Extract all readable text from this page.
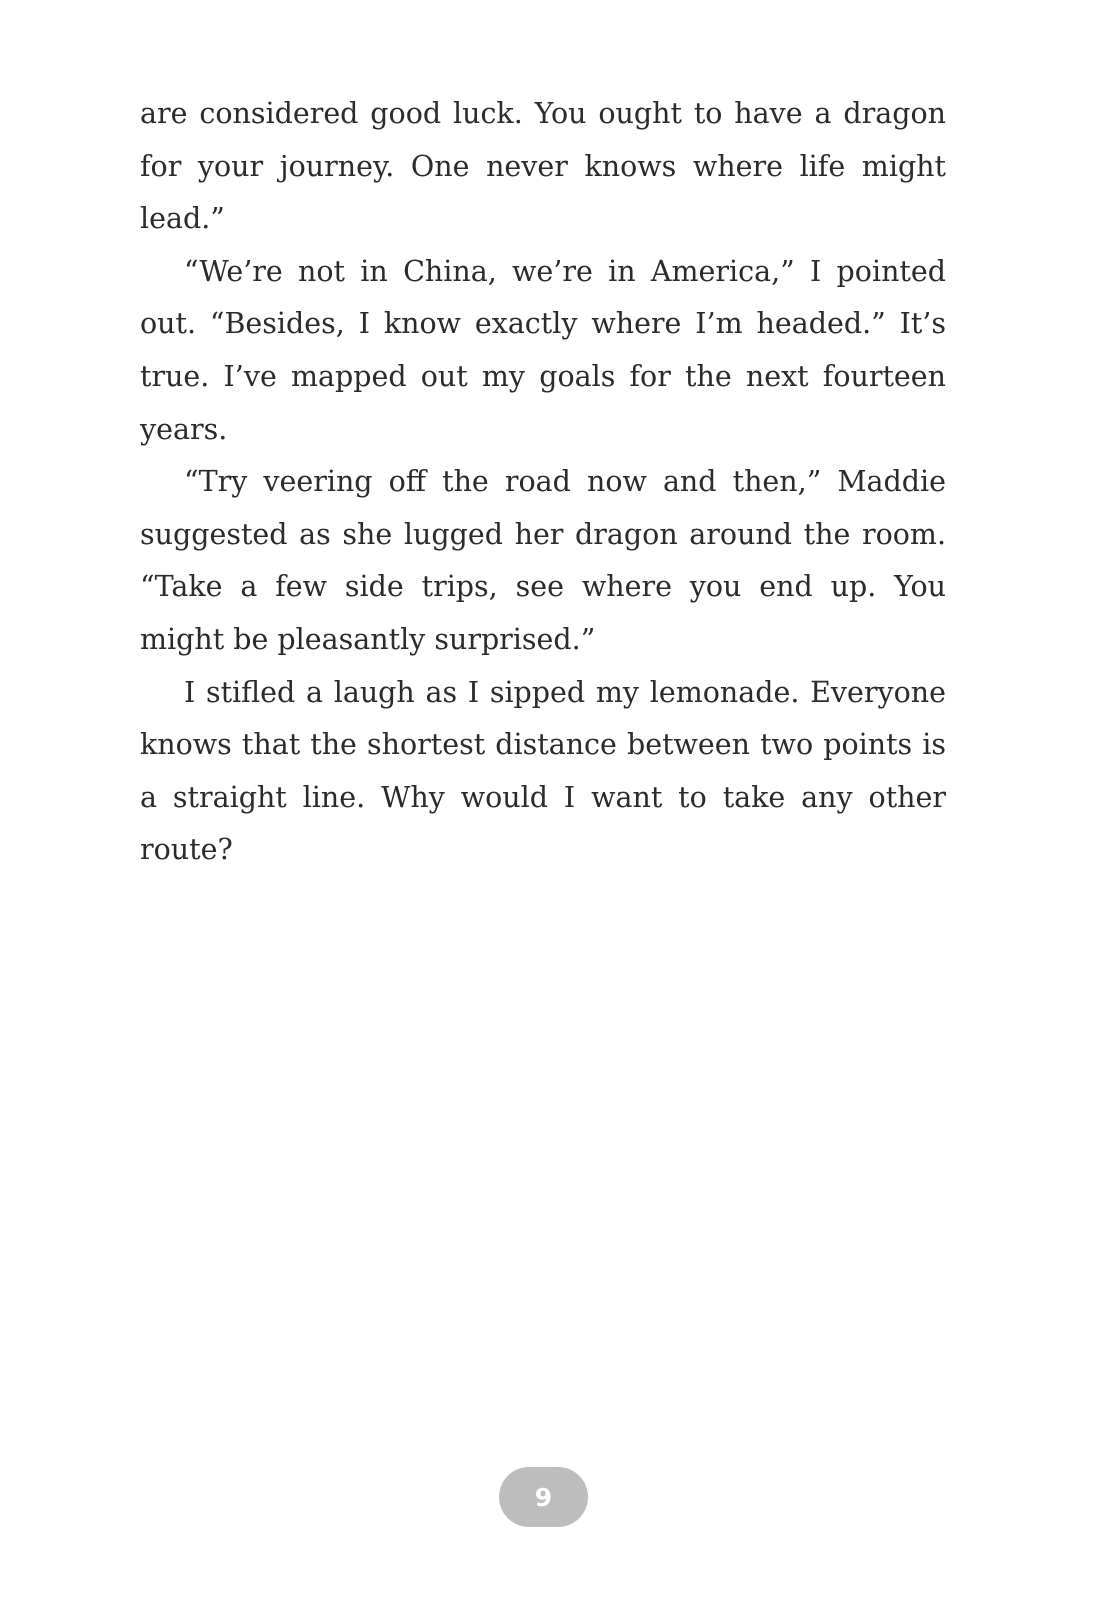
are considered good luck. You ought to have a dragon for your journey. One never knows where life might lead.”

“We’re not in China, we’re in America,” I pointed out. “Besides, I know exactly where I’m headed.” It’s true. I’ve mapped out my goals for the next fourteen years.

“Try veering off the road now and then,” Maddie suggested as she lugged her dragon around the room. “Take a few side trips, see where you end up. You might be pleasantly surprised.”

I stifled a laugh as I sipped my lemonade. Everyone knows that the shortest distance between two points is a straight line. Why would I want to take any other route?

9
